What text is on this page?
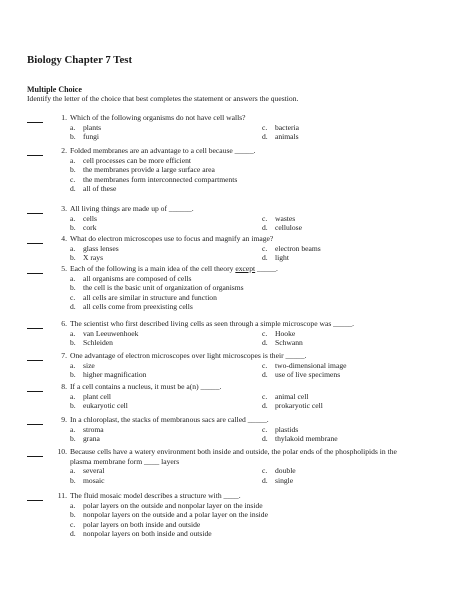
Biology Chapter 7 Test
Multiple Choice
Identify the letter of the choice that best completes the statement or answers the question.
1. Which of the following organisms do not have cell walls?
a. plants	c. bacteria
b. fungi	d. animals
2. Folded membranes are an advantage to a cell because _____.
a. cell processes can be more efficient
b. the membranes provide a large surface area
c. the membranes form interconnected compartments
d. all of these
3. All living things are made up of ______.
a. cells	c. wastes
b. cork	d. cellulose
4. What do electron microscopes use to focus and magnify an image?
a. glass lenses	c. electron beams
b. X rays	d. light
5. Each of the following is a main idea of the cell theory except _____.
a. all organisms are composed of cells
b. the cell is the basic unit of organization of organisms
c. all cells are similar in structure and function
d. all cells come from preexisting cells
6. The scientist who first described living cells as seen through a simple microscope was _____.
a. van Leeuwenhoek	c. Hooke
b. Schleiden	d. Schwann
7. One advantage of electron microscopes over light microscopes is their _____.
a. size	c. two-dimensional image
b. higher magnification	d. use of live specimens
8. If a cell contains a nucleus, it must be a(n) _____.
a. plant cell	c. animal cell
b. eukaryotic cell	d. prokaryotic cell
9. In a chloroplast, the stacks of membranous sacs are called _____.
a. stroma	c. plastids
b. grana	d. thylakoid membrane
10. Because cells have a watery environment both inside and outside, the polar ends of the phospholipids in the
plasma membrane form ____ layers
a. several	c. double
b. mosaic	d. single
11. The fluid mosaic model describes a structure with ____.
a. polar layers on the outside and nonpolar layer on the inside
b. nonpolar layers on the outside and a polar layer on the inside
c. polar layers on both inside and outside
d. nonpolar layers on both inside and outside
